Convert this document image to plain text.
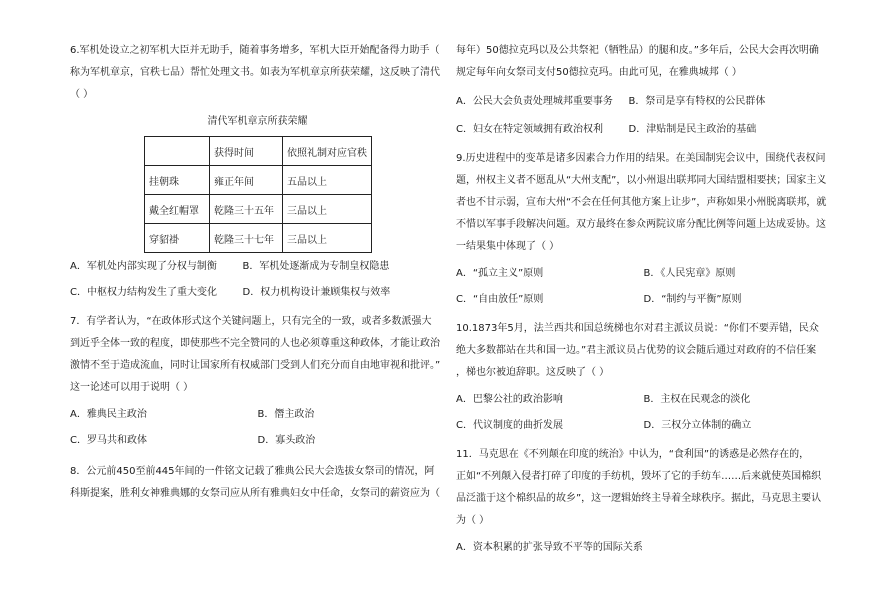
6.军机处设立之初军机大臣并无助手，随着事务增多，军机大臣开始配备得力助手（

称为军机章京，官秩七品）帮忙处理文书。如表为军机章京所获荣耀，这反映了清代

（ ）

清代军机章京所获荣耀

	获得时间	依照礼制对应官秩
挂朝珠	雍正年间	五品以上
戴全红帽罩	乾隆三十五年	三品以上
穿貂褂	乾隆三十七年	三品以上
A．军机处内部实现了分权与制衡	B．军机处逐渐成为专制皇权隐患
C．中枢权力结构发生了重大变化	D．权力机构设计兼顾集权与效率

7．有学者认为，“在政体形式这个关键问题上，只有完全的一致，或者多数派强大

到近乎全体一致的程度，即使那些不完全赞同的人也必须尊重这种政体，才能让政治

激情不至于造成流血，同时让国家所有权威部门受到人们充分而自由地审视和批评。”

这一论述可以用于说明（ ）

A．雅典民主政治	B．僭主政治
C．罗马共和政体	D．寡头政治

8．公元前450至前445年间的一件铭文记载了雅典公民大会选拔女祭司的情况，阿

科斯提案，胜利女神雅典娜的女祭司应从所有雅典妇女中任命，女祭司的薪资应为（

每年）50德拉克玛以及公共祭祀（牺牲品）的腿和皮。”多年后，公民大会再次明确

规定每年向女祭司支付50德拉克玛。由此可见，在雅典城邦（ ）

A．公民大会负责处理城邦重要事务	B．祭司是享有特权的公民群体
C．妇女在特定领域拥有政治权利	D．津贴制是民主政治的基础

9.历史进程中的变革是诸多因素合力作用的结果。在美国制宪会议中，围绕代表权问

题，州权主义者不愿乱从“大州支配”，以小州退出联邦同大国结盟相要挟；国家主义

者也不甘示弱，宣布大州“不会在任何其他方案上让步”，声称如果小州脱离联邦，就

不惜以军事手段解决问题。双方最终在参众两院议席分配比例等问题上达成妥协。这

一结果集中体现了（ ）

A．“孤立主义”原则	B．《人民宪章》原则
C．“自由放任”原则	D．“制约与平衡”原则

10.1873年5月，法兰西共和国总统梯也尔对君主派议员说：“你们不要弄错，民众

绝大多数都站在共和国一边。”君主派议员占优势的议会随后通过对政府的不信任案

，梯也尔被迫辞职。这反映了（ ）

A．巴黎公社的政治影响	B．主权在民观念的淡化
C．代议制度的曲折发展	D．三权分立体制的确立

11．马克思在《不列颠在印度的统治》中认为，“食利国”的诱惑是必然存在的，

正如“不列颠入侵者打碎了印度的手纺机，毁坏了它的手纺车……后来就使英国棉织

品泛滥于这个棉织品的故乡”，这一逻辑始终主导着全球秩序。据此，马克思主要认

为（ ）

A．资本积累的扩张导致不平等的国际关系
